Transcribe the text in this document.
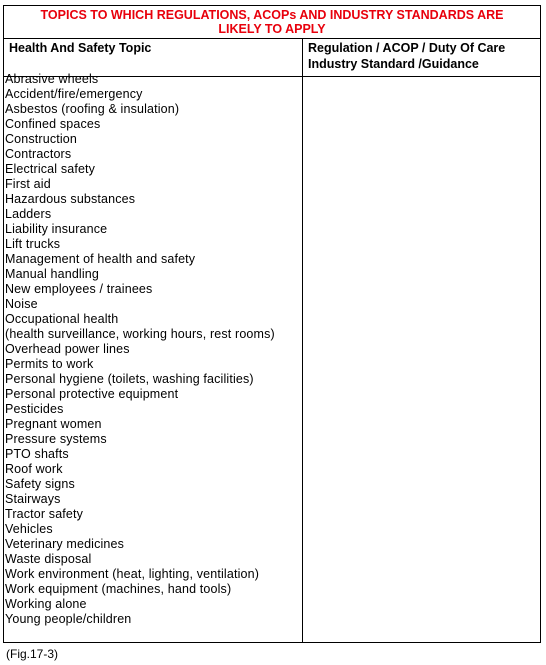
TOPICS TO WHICH REGULATIONS, ACOPs AND INDUSTRY STANDARDS ARE
LIKELY TO APPLY
Health And Safety Topic	Regulation / ACOP / Duty Of Care
Industry Standard /Guidance
Abrasive wheels
Accident/fire/emergency
Asbestos (roofing & insulation)
Confined spaces
Construction
Contractors
Electrical safety
First aid
Hazardous substances
Ladders
Liability insurance
Lift trucks
Management of health and safety
Manual handling
New employees / trainees
Noise
Occupational health
(health surveillance, working hours, rest rooms)
Overhead power lines
Permits to work
Personal hygiene (toilets, washing facilities)
Personal protective equipment
Pesticides
Pregnant women
Pressure systems
PTO shafts
Roof work
Safety signs
Stairways
Tractor safety
Vehicles
Veterinary medicines
Waste disposal
Work environment (heat, lighting, ventilation)
Work equipment (machines, hand tools)
Working alone
Young people/children
(Fig.17-3)
